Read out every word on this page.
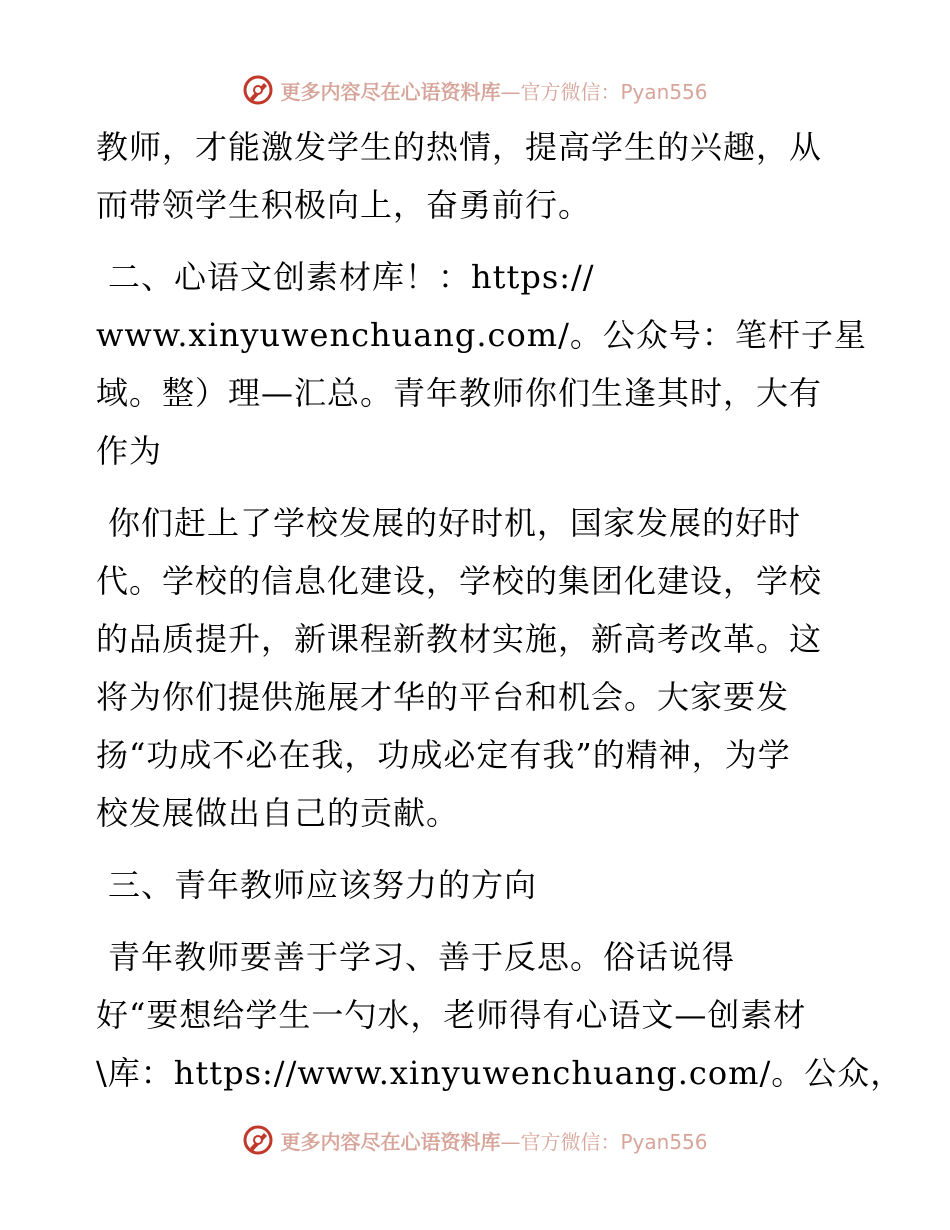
更多内容尽在心语资料库—官方微信：Pyan556
教师，才能激发学生的热情，提高学生的兴趣，从
而带领学生积极向上，奋勇前行。
二、心语文创素材库！：https://
www.xinyuwenchuang.com/。公众号：笔杆子星
域。整）理—汇总。青年教师你们生逢其时，大有
作为
你们赶上了学校发展的好时机，国家发展的好时
代。学校的信息化建设，学校的集团化建设，学校
的品质提升，新课程新教材实施，新高考改革。这
将为你们提供施展才华的平台和机会。大家要发
扬“功成不必在我，功成必定有我”的精神，为学
校发展做出自己的贡献。
三、青年教师应该努力的方向
青年教师要善于学习、善于反思。俗话说得
好“要想给学生一勺水，老师得有心语文—创素材
\库：https://www.xinyuwenchuang.com/。公众，
更多内容尽在心语资料库—官方微信：Pyan556
